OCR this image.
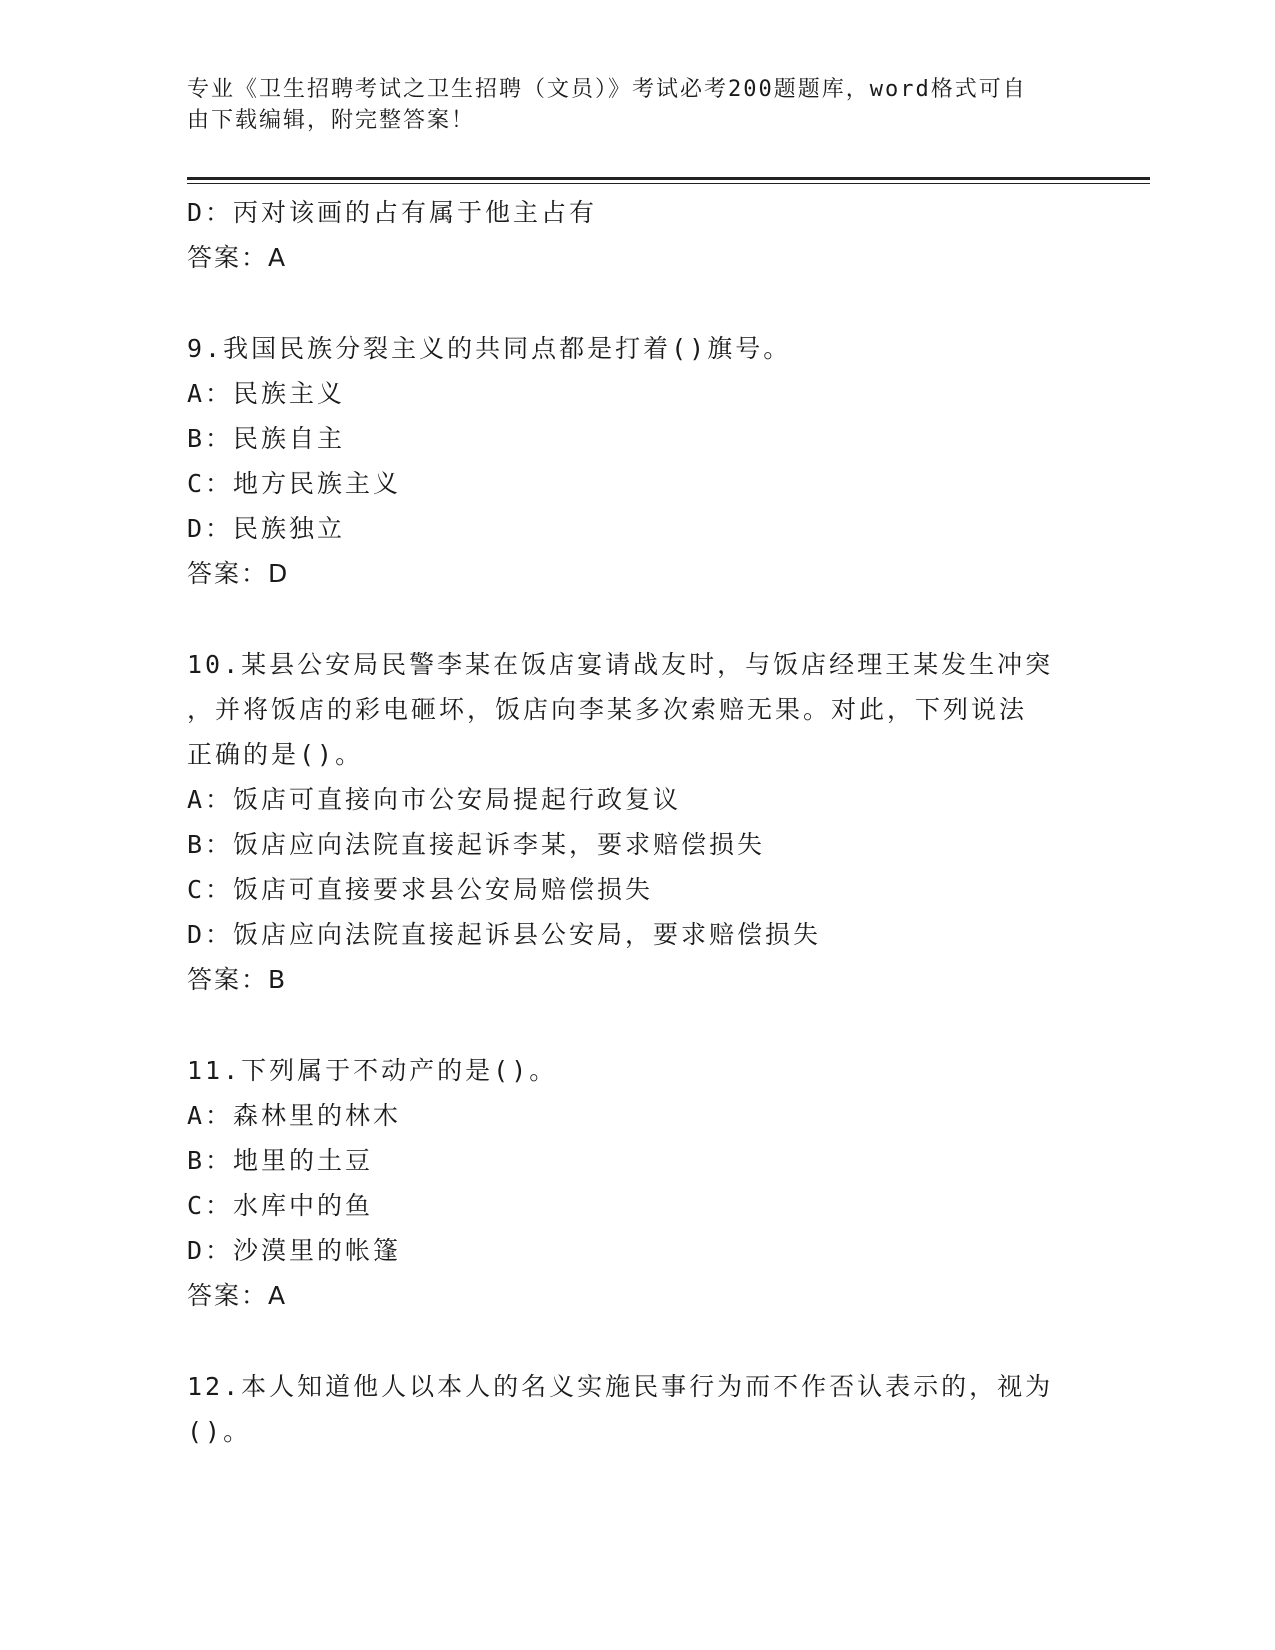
专业《卫生招聘考试之卫生招聘（文员）》考试必考200题题库，word格式可自
由下载编辑，附完整答案！
D：丙对该画的占有属于他主占有
答案：A
9.我国民族分裂主义的共同点都是打着()旗号。
A：民族主义
B：民族自主
C：地方民族主义
D：民族独立
答案：D
10.某县公安局民警李某在饭店宴请战友时，与饭店经理王某发生冲突
，并将饭店的彩电砸坏，饭店向李某多次索赔无果。对此，下列说法
正确的是()。
A：饭店可直接向市公安局提起行政复议
B：饭店应向法院直接起诉李某，要求赔偿损失
C：饭店可直接要求县公安局赔偿损失
D：饭店应向法院直接起诉县公安局，要求赔偿损失
答案：B
11.下列属于不动产的是()。
A：森林里的林木
B：地里的土豆
C：水库中的鱼
D：沙漠里的帐篷
答案：A
12.本人知道他人以本人的名义实施民事行为而不作否认表示的，视为
()。
